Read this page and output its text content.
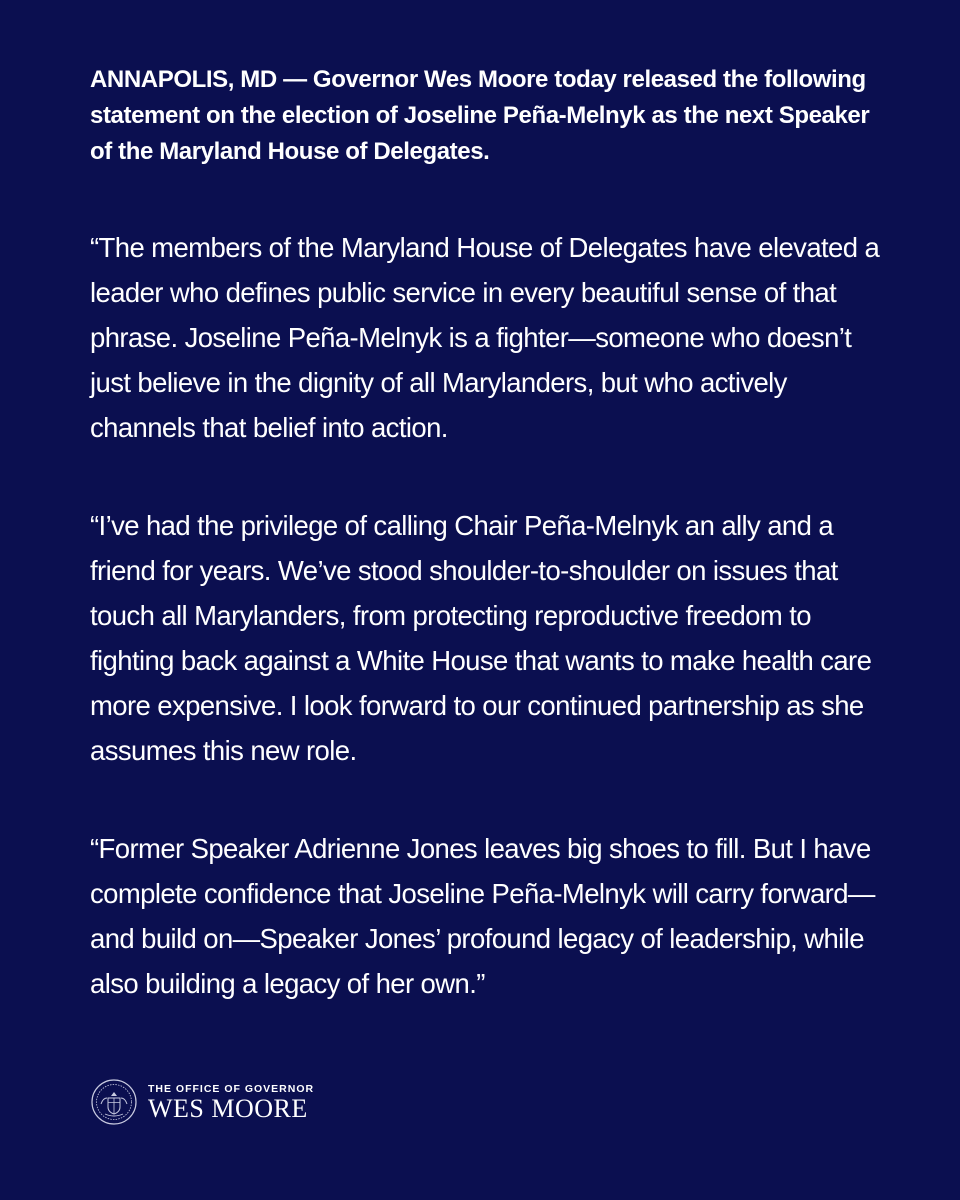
ANNAPOLIS, MD — Governor Wes Moore today released the following statement on the election of Joseline Peña-Melnyk as the next Speaker of the Maryland House of Delegates.

“The members of the Maryland House of Delegates have elevated a leader who defines public service in every beautiful sense of that phrase. Joseline Peña-Melnyk is a fighter—someone who doesn’t just believe in the dignity of all Marylanders, but who actively channels that belief into action.

“I’ve had the privilege of calling Chair Peña-Melnyk an ally and a friend for years. We’ve stood shoulder-to-shoulder on issues that touch all Marylanders, from protecting reproductive freedom to fighting back against a White House that wants to make health care more expensive. I look forward to our continued partnership as she assumes this new role.

“Former Speaker Adrienne Jones leaves big shoes to fill. But I have complete confidence that Joseline Peña-Melnyk will carry forward—and build on—Speaker Jones’ profound legacy of leadership, while also building a legacy of her own.”

THE OFFICE OF GOVERNOR
WES MOORE
